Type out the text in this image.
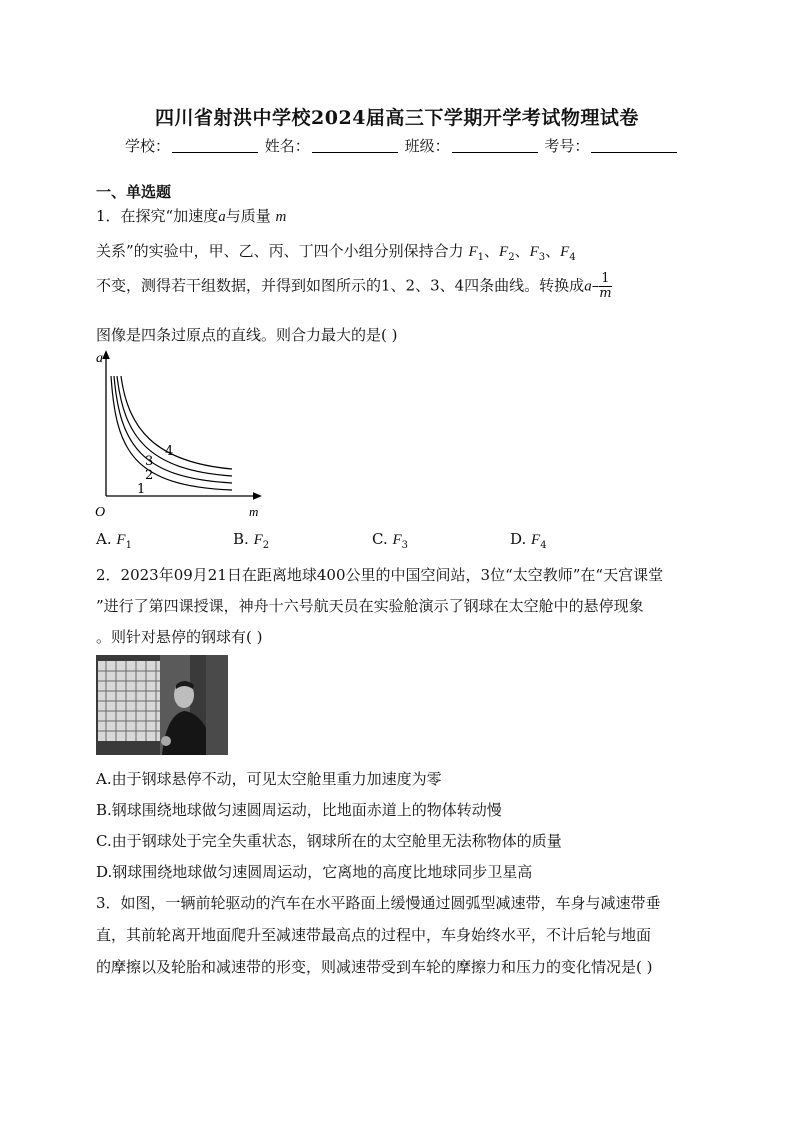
四川省射洪中学校2024届高三下学期开学考试物理试卷
学校：	姓名：	班级：	考号：
一、单选题
1．在探究“加速度a与质量 m
关系”的实验中，甲、乙、丙、丁四个小组分别保持合力 $F_1$、$F_2$、$F_3$、$F_4$
不变，测得若干组数据，并得到如图所示的1、2、3、4四条曲线。转换成$a- \frac{1}{m}$
图像是四条过原点的直线。则合力最大的是( )
a
m
O
1
2
3
4
A. $F_1$	B. $F_2$	C. $F_3$	D. $F_4$
2．2023年09月21日在距离地球400公里的中国空间站，3位“太空教师”在“天宫课堂
”进行了第四课授课，神舟十六号航天员在实验舱演示了钢球在太空舱中的悬停现象
。则针对悬停的钢球有( )
A.由于钢球悬停不动，可见太空舱里重力加速度为零
B.钢球围绕地球做匀速圆周运动，比地面赤道上的物体转动慢
C.由于钢球处于完全失重状态，钢球所在的太空舱里无法称物体的质量
D.钢球围绕地球做匀速圆周运动，它离地的高度比地球同步卫星高
3．如图，一辆前轮驱动的汽车在水平路面上缓慢通过圆弧型减速带，车身与减速带垂
直，其前轮离开地面爬升至减速带最高点的过程中，车身始终水平，不计后轮与地面
的摩擦以及轮胎和减速带的形变，则减速带受到车轮的摩擦力和压力的变化情况是( )
